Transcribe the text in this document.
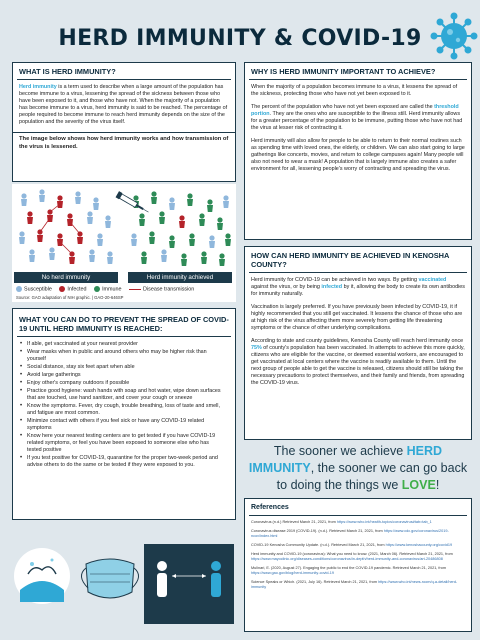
HERD IMMUNITY & COVID-19
WHAT IS HERD IMMUNITY?

Herd immunity is a term used to describe when a large amount of the population has become immune to a virus, lessening the spread of the sickness between those who have been exposed to it, and those who have not. When the majority of a population has become immune to a virus, herd immunity is said to be reached. The percentage of people required to become immune to reach herd immunity depends on the size of the population and the severity of the virus itself.

The image below shows how herd immunity works and how transmission of the virus is lessened.

No herd immunity	Herd immunity achieved
Susceptible	Infected	Immune	Disease transmission
Source: GAO adaptation of NIH graphic. | GAO-20-646SP
WHAT YOU CAN DO TO PREVENT THE SPREAD OF COVID-19 UNTIL HERD IMMUNITY IS REACHED:
• If able, get vaccinated at your nearest provider
• Wear masks when in public and around others who may be higher risk than yourself
• Social distance, stay six feet apart when able
• Avoid large gatherings
• Enjoy other's company outdoors if possible
• Practice good hygiene: wash hands with soap and hot water, wipe down surfaces that are touched, use hand sanitizer, and cover your cough or sneeze
• Know the symptoms. Fever, dry cough, trouble breathing, loss of taste and smell, and fatigue are most common.
• Minimize contact with others if you feel sick or have any COVID-19 related symptoms
• Know here your nearest testing centers are to get tested if you have COVID-19 related symptoms, or feel you have been exposed to someone else who has tested positive
• If you test positive for COVID-19, quarantine for the proper two-week period and advise others to do the same or be tested if they were exposed to you.
WHY IS HERD IMMUNITY IMPORTANT TO ACHIEVE?

When the majority of a population becomes immune to a virus, it lessens the spread of the sickness, protecting those who have not yet been exposed to it.

The percent of the population who have not yet been exposed are called the threshold portion. They are the ones who are susceptible to the illness still. Herd immunity allows for a greater percentage of the population to be immune, putting those who have not had the virus at lesser risk of contracting it.

Herd immunity will also allow for people to be able to return to their normal routines such as spending time with loved ones, the elderly, or children. We can also start going to large gatherings like concerts, movies, and return to college campuses again! Many people will also not need to wear a mask! A population that is largely immune also creates a safer environment for all, lessening people's worry of contracting and spreading the virus.

HOW CAN HERD IMMUNITY BE ACHIEVED IN KENOSHA COUNTY?

Herd immunity for COVID-19 can be achieved in two ways. By getting vaccinated against the virus, or by being infected by it, allowing the body to create its own antibodies for immunity naturally.

Vaccination is largely preferred. If you have previously been infected by COVID-19, it if highly recommended that you still get vaccinated. It lessens the chance of those who are at high risk of the virus affecting them more severely from getting life threatening symptoms or the chance of other underlying complications.

According to state and county guidelines, Kenosha County will reach herd immunity once 75% of county's population has been vaccinated. In attempts to achieve this more quickly, citizens who are eligible for the vaccine, or deemed essential workers, are encouraged to get vaccinated at local centers where the vaccine is readily available to them. Until the next group of people able to get the vaccine is released, citizens should still be taking the necessary precautions to protect themselves, and their family and friends, from spreading the COVID-19 virus.

The sooner we achieve HERD IMMUNITY, the sooner we can go back to doing the things we LOVE!
References
Coronavirus (n.d.) Retrieved March 21, 2021, from https://www.who.int/health-topics/coronavirus#tab=tab_1
Coronavirus disease 2019 (COVID-19). (n.d.). Retrieved March 21, 2021, from https://www.cdc.gov/coronavirus/2019-ncov/index.html
COVID-19 Kenosha Community Update. (n.d.). Retrieved March 21, 2021, from https://www.kenoshacounty.org/covid19
Herd immunity and COVID-19 (coronavirus): What you need to know. (2021, March 06). Retrieved March 21, 2021, from https://www.mayoclinic.org/diseases-conditions/coronavirus/in-depth/herd-immunity-and-coronavirus/art-20486808
Mulinari, E. (2020, August 27). Engaging the public to end the COVID-19 pandemic. Retrieved March 21, 2021, from https://www.gao.gov/blog/herd-immunity-covid-19
Science Speaks or Which. (2021, July 16). Retrieved March 21, 2021, from https://www.who.int/news-room/q-a-detail/herd-immunity
